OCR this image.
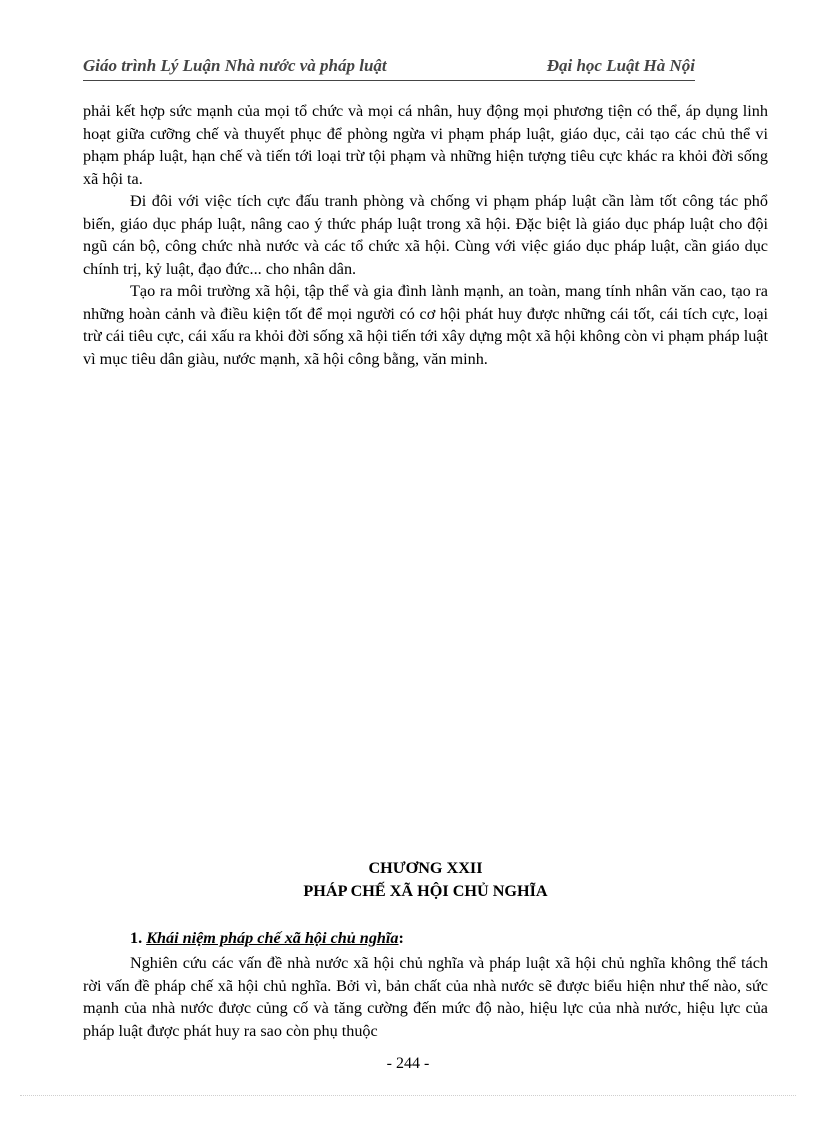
Giáo trình Lý Luận Nhà nước và pháp luật	Đại học Luật Hà Nội

phải kết hợp sức mạnh của mọi tổ chức và mọi cá nhân, huy động mọi phương tiện có thể, áp dụng linh hoạt giữa cưỡng chế và thuyết phục để phòng ngừa vi phạm pháp luật, giáo dục, cải tạo các chủ thể vi phạm pháp luật, hạn chế và tiến tới loại trừ tội phạm và những hiện tượng tiêu cực khác ra khỏi đời sống xã hội ta.

Đi đôi với việc tích cực đấu tranh phòng và chống vi phạm pháp luật cần làm tốt công tác phổ biến, giáo dục pháp luật, nâng cao ý thức pháp luật trong xã hội. Đặc biệt là giáo dục pháp luật cho đội ngũ cán bộ, công chức nhà nước và các tổ chức xã hội. Cùng với việc giáo dục pháp luật, cần giáo dục chính trị, kỷ luật, đạo đức... cho nhân dân.

Tạo ra môi trường xã hội, tập thể và gia đình lành mạnh, an toàn, mang tính nhân văn cao, tạo ra những hoàn cảnh và điều kiện tốt để mọi người có cơ hội phát huy được những cái tốt, cái tích cực, loại trừ cái tiêu cực, cái xấu ra khỏi đời sống xã hội tiến tới xây dựng một xã hội không còn vi phạm pháp luật vì mục tiêu dân giàu, nước mạnh, xã hội công bằng, văn minh.

CHƯƠNG XXII
PHÁP CHẾ XÃ HỘI CHỦ NGHĨA
1. Khái niệm pháp chế xã hội chủ nghĩa:

Nghiên cứu các vấn đề nhà nước xã hội chủ nghĩa và pháp luật xã hội chủ nghĩa không thể tách rời vấn đề pháp chế xã hội chủ nghĩa. Bởi vì, bản chất của nhà nước sẽ được biểu hiện như thế nào, sức mạnh của nhà nước được củng cố và tăng cường đến mức độ nào, hiệu lực của nhà nước, hiệu lực của pháp luật được phát huy ra sao còn phụ thuộc

- 244 -
